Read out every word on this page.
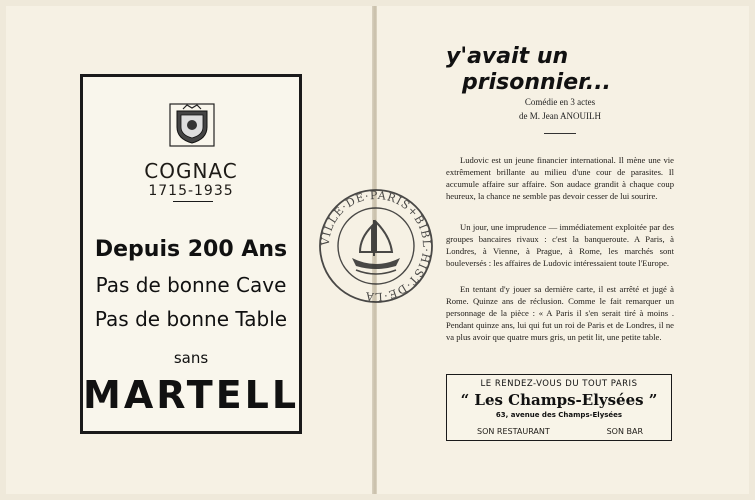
COGNAC
1715-1935
Depuis 200 Ans
Pas de bonne Cave
Pas de bonne Table
sans
MARTELL
VILLE·DE·PARIS+BIBL·HIST·DE·LA
y'avait un
prisonnier...
Comédie en 3 actes
de M. Jean ANOUILH

Ludovic est un jeune financier international. Il mène une vie extrêmement brillante au milieu d'une cour de parasites. Il accumule affaire sur affaire. Son audace grandit à chaque coup heureux, la chance ne semble pas devoir cesser de lui sourire.

Un jour, une imprudence — immédiatement exploitée par des groupes bancaires rivaux : c'est la banqueroute. A Paris, à Londres, à Vienne, à Prague, à Rome, les marchés sont bouleversés : les affaires de Ludovic intéressaient toute l'Europe.

En tentant d'y jouer sa dernière carte, il est arrêté et jugé à Rome. Quinze ans de réclusion. Comme le fait remarquer un personnage de la pièce : « A Paris il s'en serait tiré à moins . Pendant quinze ans, lui qui fut un roi de Paris et de Londres, il ne va plus avoir que quatre murs gris, un petit lit, une petite table.

LE RENDEZ-VOUS DU TOUT PARIS
“ Les Champs-Elysées ”
63, avenue des Champs-Elysées
SON RESTAURANT	SON BAR
